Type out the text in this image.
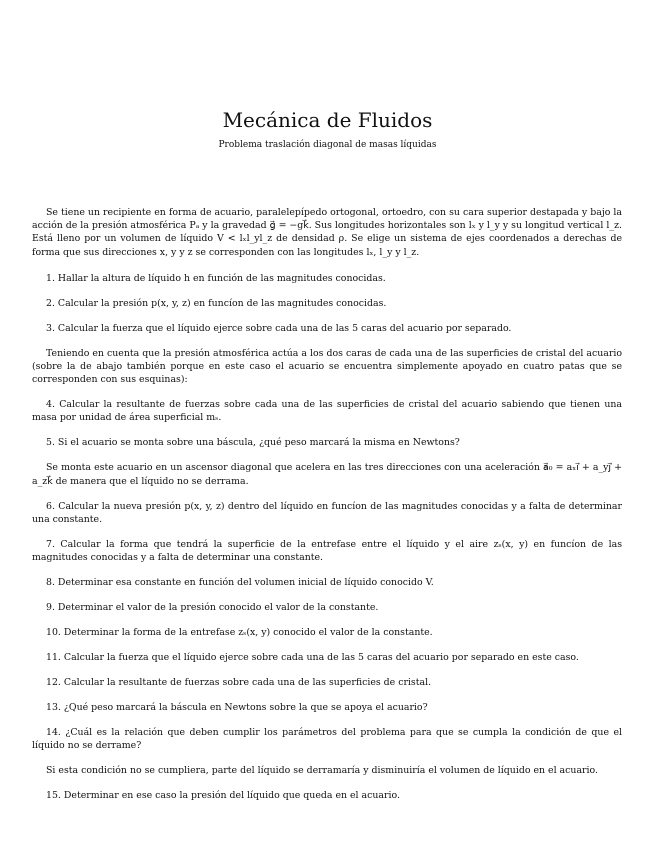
Mecánica de Fluidos
Problema traslación diagonal de masas líquidas

Se tiene un recipiente en forma de acuario, paralelepípedo ortogonal, ortoedro, con su cara superior destapada y bajo la acción de la presión atmosférica Pₐ y la gravedad g⃗ = −gk⃗. Sus longitudes horizontales son lₓ y l_y y su longitud vertical l_z. Está lleno por un volumen de líquido V < lₓl_yl_z de densidad ρ. Se elige un sistema de ejes coordenados a derechas de forma que sus direcciones x, y y z se corresponden con las longitudes lₓ, l_y y l_z.

1. Hallar la altura de líquido h en función de las magnitudes conocidas.

2. Calcular la presión p(x, y, z) en funcíon de las magnitudes conocidas.

3. Calcular la fuerza que el líquido ejerce sobre cada una de las 5 caras del acuario por separado.

Teniendo en cuenta que la presión atmosférica actúa a los dos caras de cada una de las superficies de cristal del acuario (sobre la de abajo también porque en este caso el acuario se encuentra simplemente apoyado en cuatro patas que se corresponden con sus esquinas):

4. Calcular la resultante de fuerzas sobre cada una de las superficies de cristal del acuario sabiendo que tienen una masa por unidad de área superficial mₛ.

5. Si el acuario se monta sobre una báscula, ¿qué peso marcará la misma en Newtons?

Se monta este acuario en un ascensor diagonal que acelera en las tres direcciones con una aceleración a⃗₀ = aₓi⃗ + a_yj⃗ + a_zk⃗ de manera que el líquido no se derrama.

6. Calcular la nueva presión p(x, y, z) dentro del líquido en funcíon de las magnitudes conocidas y a falta de determinar una constante.

7. Calcular la forma que tendrá la superficie de la entrefase entre el líquido y el aire zₛ(x, y) en funcíon de las magnitudes conocidas y a falta de determinar una constante.

8. Determinar esa constante en función del volumen inicial de líquido conocido V.

9. Determinar el valor de la presión conocido el valor de la constante.

10. Determinar la forma de la entrefase zₛ(x, y) conocido el valor de la constante.

11. Calcular la fuerza que el líquido ejerce sobre cada una de las 5 caras del acuario por separado en este caso.

12. Calcular la resultante de fuerzas sobre cada una de las superficies de cristal.

13. ¿Qué peso marcará la báscula en Newtons sobre la que se apoya el acuario?

14. ¿Cuál es la relación que deben cumplir los parámetros del problema para que se cumpla la condición de que el líquido no se derrame?

Si esta condición no se cumpliera, parte del líquido se derramaría y disminuiría el volumen de líquido en el acuario.

15. Determinar en ese caso la presión del líquido que queda en el acuario.
